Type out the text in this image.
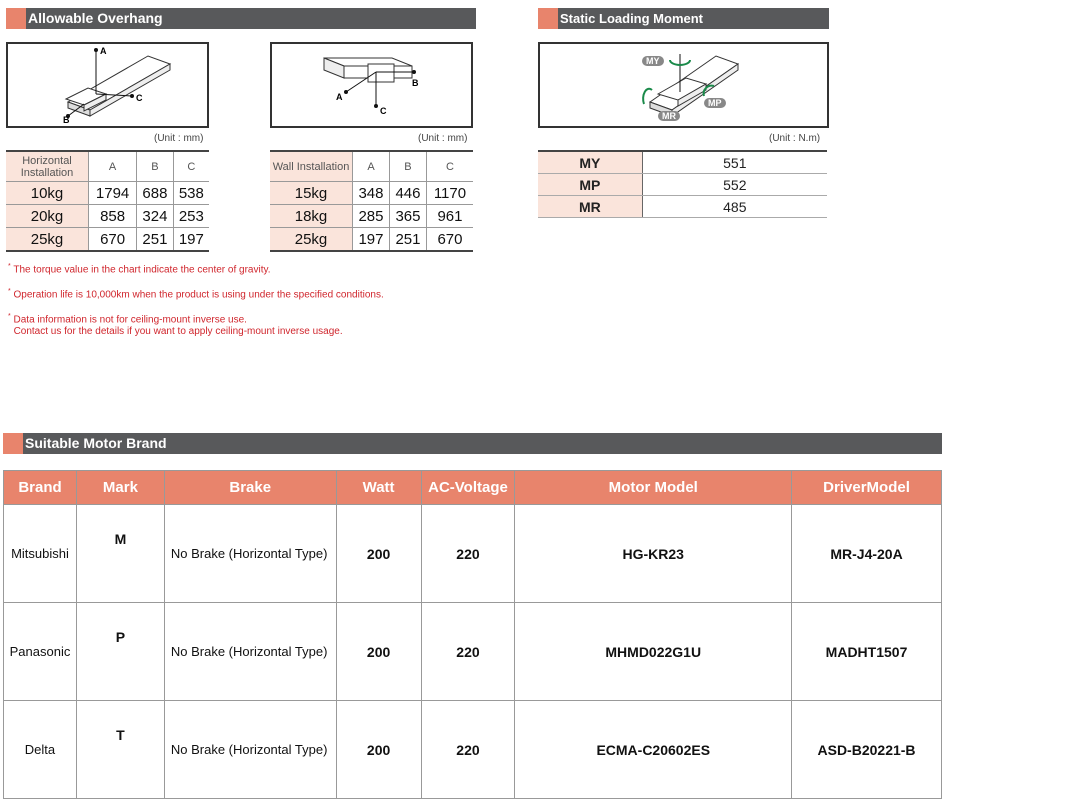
Allowable Overhang	Static Loading Moment
A
C
B
B
C
A
MY
MP
MR
(Unit : mm)	(Unit : mm)	(Unit : N.m)
Horizontal Installation	A	B	C
10kg	1794	688	538
20kg	858	324	253
25kg	670	251	197
Wall Installation	A	B	C
15kg	348	446	1170
18kg	285	365	961
25kg	197	251	670
MY	551
MP	552
MR	485
* The torque value in the chart indicate the center of gravity.
* Operation life is 10,000km when the product is using under the specified conditions.
* Data information is not for ceiling-mount inverse use.
Contact us for the details if you want to apply ceiling-mount inverse usage.
Suitable Motor Brand
Brand	Mark	Brake	Watt	AC-Voltage	Motor Model	DriverModel
Mitsubishi	M	No Brake (Horizontal Type)	200	220	HG-KR23	MR-J4-20A
Panasonic	P	No Brake (Horizontal Type)	200	220	MHMD022G1U	MADHT1507
Delta	T	No Brake (Horizontal Type)	200	220	ECMA-C20602ES	ASD-B20221-B
